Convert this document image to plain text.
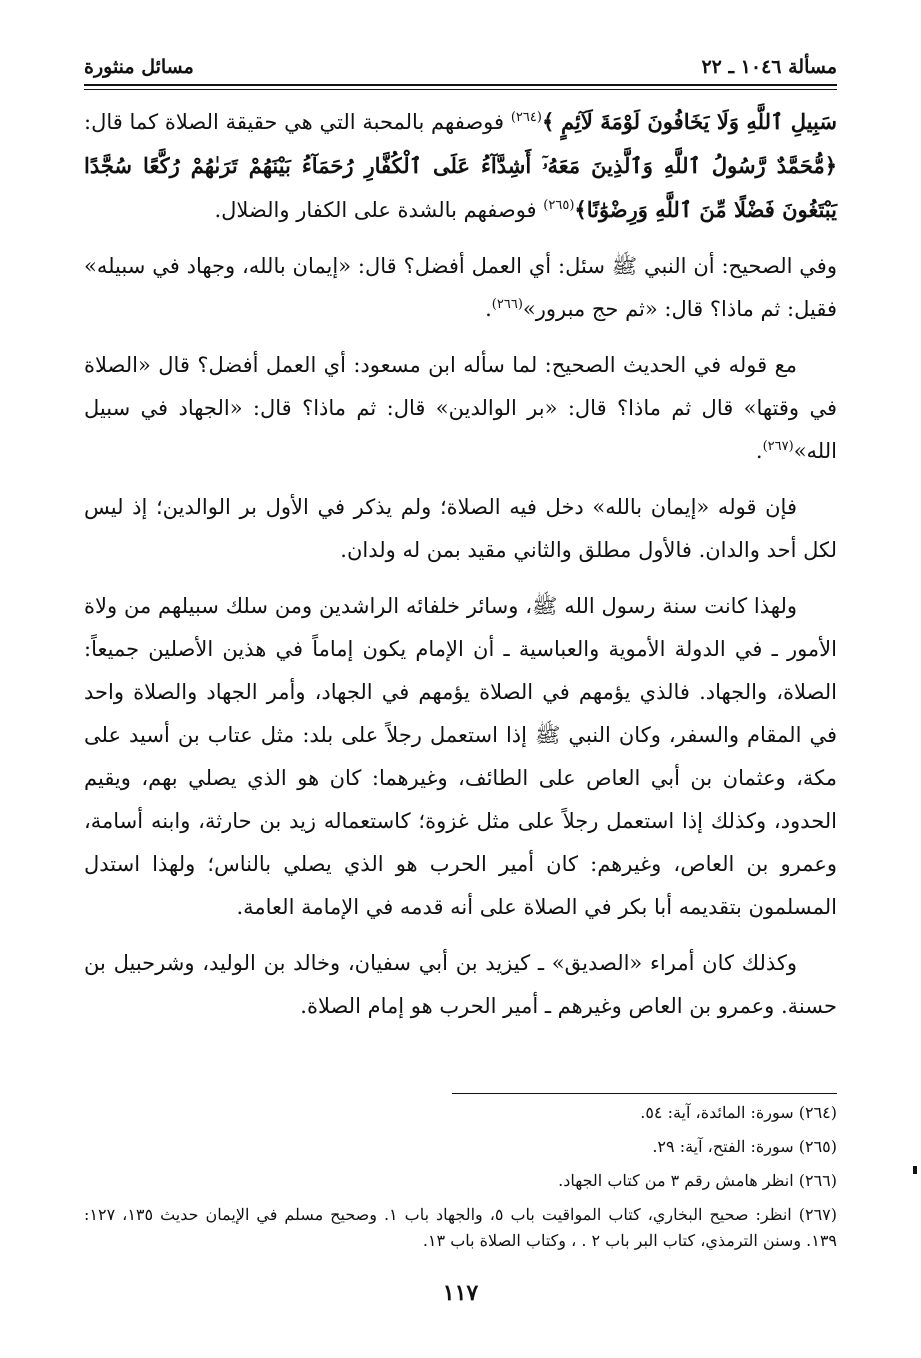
مسألة ١٠٤٦ ـ ٢٢
مسائل منثورة

سَبِيلِ ٱللَّهِ وَلَا يَخَافُونَ لَوْمَةَ لَآئِمٍ ﴾$^{(٢٦٤)}$ فوصفهم بالمحبة التي هي حقيقة الصلاة كما قال: ﴿مُّحَمَّدٌ رَّسُولُ ٱللَّهِ وَٱلَّذِينَ مَعَهُۥٓ أَشِدَّآءُ عَلَى ٱلْكُفَّارِ رُحَمَآءُ بَيْنَهُمْ تَرَىٰهُمْ رُكَّعًا سُجَّدًا يَبْتَغُونَ فَضْلًا مِّنَ ٱللَّهِ وَرِضْوَٰنًا﴾$^{(٢٦٥)}$ فوصفهم بالشدة على الكفار والضلال.

وفي الصحيح: أن النبي ﷺ سئل: أي العمل أفضل؟ قال: «إيمان بالله، وجهاد في سبيله» فقيل: ثم ماذا؟ قال: «ثم حج مبرور»$^{(٢٦٦)}$.

مع قوله في الحديث الصحيح: لما سأله ابن مسعود: أي العمل أفضل؟ قال «الصلاة في وقتها» قال ثم ماذا؟ قال: «بر الوالدين» قال: ثم ماذا؟ قال: «الجهاد في سبيل الله»$^{(٢٦٧)}$.

فإن قوله «إيمان بالله» دخل فيه الصلاة؛ ولم يذكر في الأول بر الوالدين؛ إذ ليس لكل أحد والدان. فالأول مطلق والثاني مقيد بمن له ولدان.

ولهذا كانت سنة رسول الله ﷺ، وسائر خلفائه الراشدين ومن سلك سبيلهم من ولاة الأمور ـ في الدولة الأموية والعباسية ـ أن الإمام يكون إماماً في هذين الأصلين جميعاً: الصلاة، والجهاد. فالذي يؤمهم في الصلاة يؤمهم في الجهاد، وأمر الجهاد والصلاة واحد في المقام والسفر، وكان النبي ﷺ إذا استعمل رجلاً على بلد: مثل عتاب بن أسيد على مكة، وعثمان بن أبي العاص على الطائف، وغيرهما: كان هو الذي يصلي بهم، ويقيم الحدود، وكذلك إذا استعمل رجلاً على مثل غزوة؛ كاستعماله زيد بن حارثة، وابنه أسامة، وعمرو بن العاص، وغيرهم: كان أمير الحرب هو الذي يصلي بالناس؛ ولهذا استدل المسلمون بتقديمه أبا بكر في الصلاة على أنه قدمه في الإمامة العامة.

وكذلك كان أمراء «الصديق» ـ كيزيد بن أبي سفيان، وخالد بن الوليد، وشرحبيل بن حسنة. وعمرو بن العاص وغيرهم ـ أمير الحرب هو إمام الصلاة.

(٢٦٤) سورة: المائدة، آية: ٥٤.
(٢٦٥) سورة: الفتح، آية: ٢٩.
(٢٦٦) انظر هامش رقم ٣ من كتاب الجهاد.
(٢٦٧) انظر: صحيح البخاري، كتاب المواقيت باب ٥، والجهاد باب ١. وصحيح مسلم في الإيمان حديث ١٣٥، ١٢٧: ١٣٩. وسنن الترمذي، كتاب البر باب ٢ . ، وكتاب الصلاة باب ١٣.
١١٧
